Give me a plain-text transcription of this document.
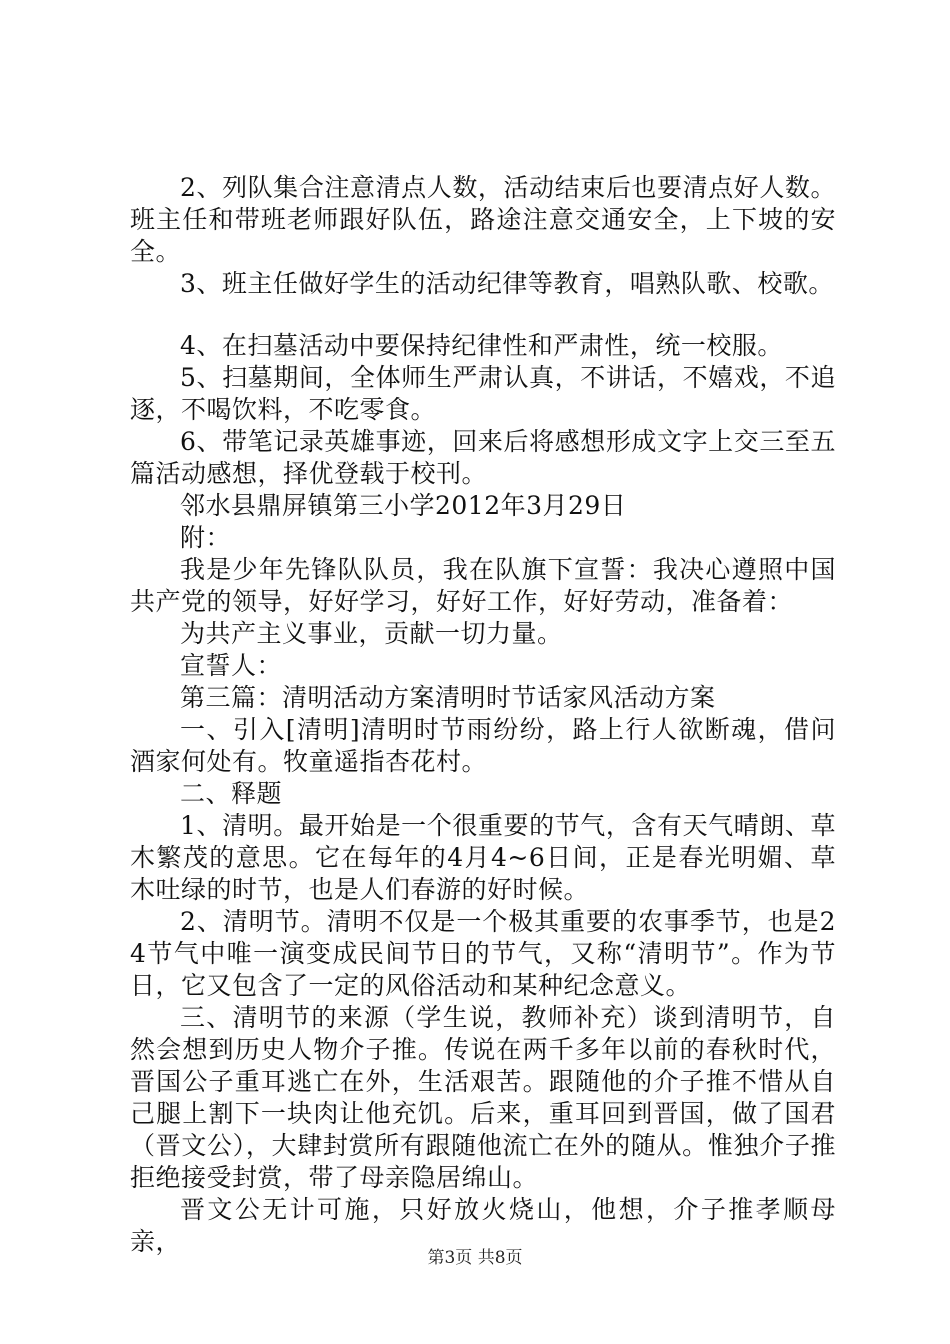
2、列队集合注意清点人数，活动结束后也要清点好人数。班主任和带班老师跟好队伍，路途注意交通安全，上下坡的安全。

3、班主任做好学生的活动纪律等教育，唱熟队歌、校歌。

4、在扫墓活动中要保持纪律性和严肃性，统一校服。

5、扫墓期间，全体师生严肃认真，不讲话，不嬉戏，不追逐，不喝饮料，不吃零食。

6、带笔记录英雄事迹，回来后将感想形成文字上交三至五篇活动感想，择优登载于校刊。

邻水县鼎屏镇第三小学2012年3月29日

附：

我是少年先锋队队员，我在队旗下宣誓：我决心遵照中国共产党的领导，好好学习，好好工作，好好劳动，准备着：

为共产主义事业，贡献一切力量。

宣誓人：

第三篇：清明活动方案清明时节话家风活动方案

一、引入[清明]清明时节雨纷纷，路上行人欲断魂，借问酒家何处有。牧童遥指杏花村。

二、释题

1、清明。最开始是一个很重要的节气，含有天气晴朗、草木繁茂的意思。它在每年的4月4~6日间，正是春光明媚、草木吐绿的时节，也是人们春游的好时候。

2、清明节。清明不仅是一个极其重要的农事季节，也是24节气中唯一演变成民间节日的节气，又称“清明节”。作为节日，它又包含了一定的风俗活动和某种纪念意义。

三、清明节的来源（学生说，教师补充）谈到清明节，自然会想到历史人物介子推。传说在两千多年以前的春秋时代，晋国公子重耳逃亡在外，生活艰苦。跟随他的介子推不惜从自己腿上割下一块肉让他充饥。后来，重耳回到晋国，做了国君（晋文公），大肆封赏所有跟随他流亡在外的随从。惟独介子推拒绝接受封赏，带了母亲隐居绵山。

晋文公无计可施，只好放火烧山，他想，介子推孝顺母亲，

第3页 共8页
